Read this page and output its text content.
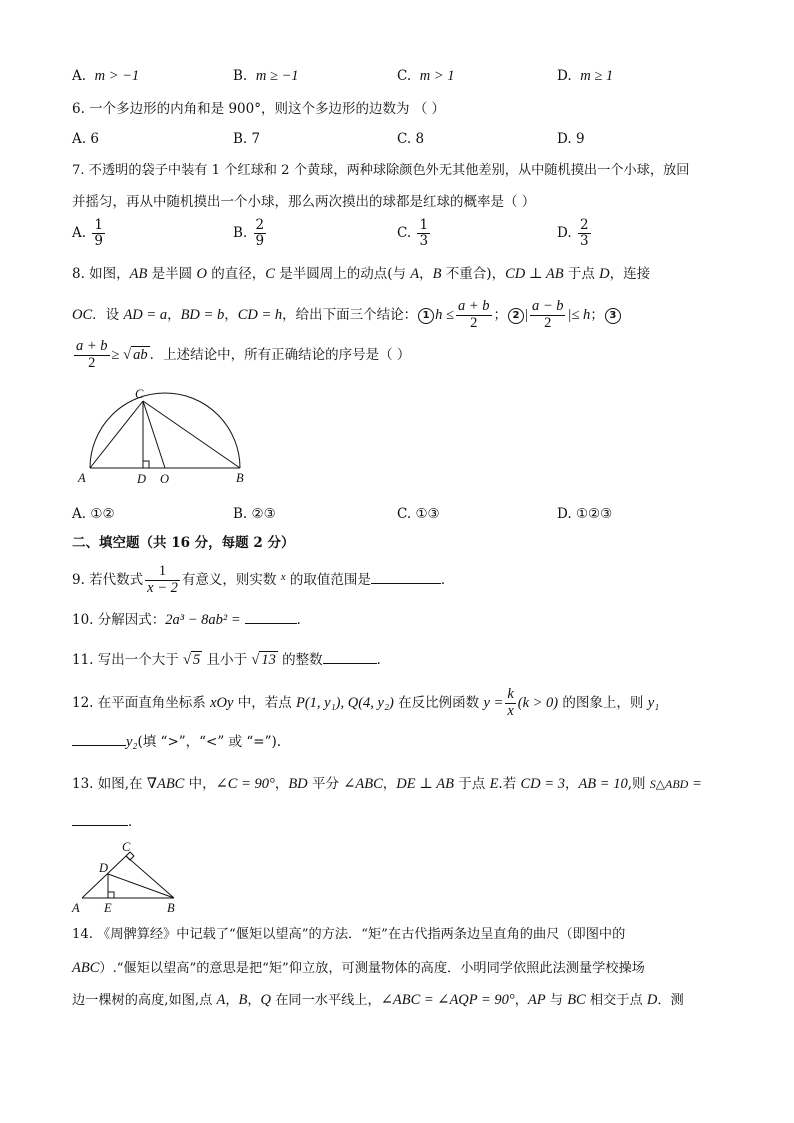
A. m > −1	B. m ≥ −1	C. m > 1	D. m ≥ 1
6. 一个多边形的内角和是 900°，则这个多边形的边数为 （ ）
A. 6	B. 7	C. 8	D. 9
7. 不透明的袋子中装有 1 个红球和 2 个黄球，两种球除颜色外无其他差别，从中随机摸出一个小球，放回
并摇匀，再从中随机摸出一个小球，那么两次摸出的球都是红球的概率是（ ）
A. $\frac{1}{9}$	B. $\frac{2}{9}$	C. $\frac{1}{3}$	D. $\frac{2}{3}$
8. 如图，AB 是半圆 O 的直径，C 是半圆周上的动点(与 A，B 不重合)，CD ⊥ AB 于点 D，连接
OC．设 AD = a，BD = b，CD = h，给出下面三个结论： 1 $h \le \frac{a + b}{2}$ ； 2 | $\frac{a - b}{2}$ |≤ h； 3
$\frac{a + b}{2}$ ≥ √ ab ．上述结论中，所有正确结论的序号是（ ）
C
A	D O	B
A. ①②	B. ②③	C. ①③	D. ①②③
二、填空题（共 16 分，每题 2 分）
9. 若代数式 $\frac{1}{x - 2}$ 有意义，则实数 $^x$ 的取值范围是	．
10. 分解因式：2a³ − 8ab² =	．
11. 写出一个大于 √ 5 且小于 √ 13 的整数	．
12. 在平面直角坐标系 xOy 中，若点 P(1, y₁), Q(4, y₂) 在反比例函数 $y = \frac{k}{x} (k > 0)$ 的图象上，则 y₁
y₂(填 “>”，“<” 或 “=”).
13. 如图,在 ∇ABC 中，∠C = 90°，BD 平分 ∠ABC，DE ⊥ AB 于点 E.若 CD = 3，AB = 10,则 S△ABD =
．
C
D
A E	B
14. 《周髀算经》中记载了“偃矩以望高”的方法．“矩”在古代指两条边呈直角的曲尺（即图中的
ABC）.“偃矩以望高”的意思是把“矩”仰立放，可测量物体的高度．小明同学依照此法测量学校操场
边一棵树的高度,如图,点 A，B，Q 在同一水平线上，∠ABC = ∠AQP = 90°，AP 与 BC 相交于点 D．测
